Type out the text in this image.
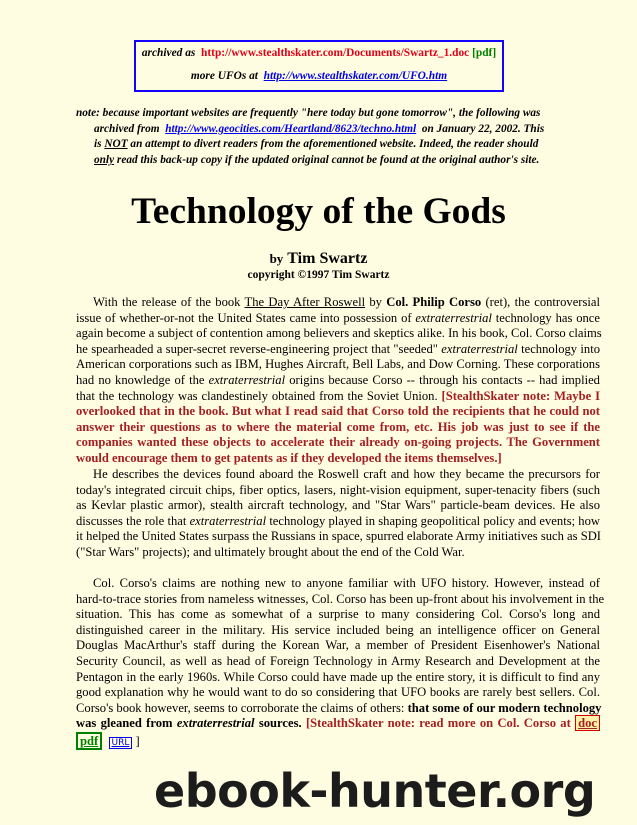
archived as http://www.stealthskater.com/Documents/Swartz_1.doc [pdf]
more UFOs at http://www.stealthskater.com/UFO.htm
note: because important websites are frequently "here today but gone tomorrow", the following was
archived from http://www.geocities.com/Heartland/8623/techno.html on January 22, 2002. This
is NOT an attempt to divert readers from the aforementioned website. Indeed, the reader should
only read this back-up copy if the updated original cannot be found at the original author's site.
Technology of the Gods
by Tim Swartz
copyright ©1997 Tim Swartz
With the release of the book The Day After Roswell by Col. Philip Corso (ret), the controversial
issue of whether-or-not the United States came into possession of extraterrestrial technology has once
again become a subject of contention among believers and skeptics alike. In his book, Col. Corso claims
he spearheaded a super-secret reverse-engineering project that "seeded" extraterrestrial technology into
American corporations such as IBM, Hughes Aircraft, Bell Labs, and Dow Corning. These corporations
had no knowledge of the extraterrestrial origins because Corso -- through his contacts -- had implied
that the technology was clandestinely obtained from the Soviet Union. [StealthSkater note: Maybe I
overlooked that in the book. But what I read said that Corso told the recipients that he could not
answer their questions as to where the material come from, etc. His job was just to see if the
companies wanted these objects to accelerate their already on-going projects. The Government
would encourage them to get patents as if they developed the items themselves.]
He describes the devices found aboard the Roswell craft and how they became the precursors for
today's integrated circuit chips, fiber optics, lasers, night-vision equipment, super-tenacity fibers (such
as Kevlar plastic armor), stealth aircraft technology, and "Star Wars" particle-beam devices. He also
discusses the role that extraterrestrial technology played in shaping geopolitical policy and events; how
it helped the United States surpass the Russians in space, spurred elaborate Army initiatives such as SDI
("Star Wars" projects); and ultimately brought about the end of the Cold War.
Col. Corso's claims are nothing new to anyone familiar with UFO history. However, instead of
hard-to-trace stories from nameless witnesses, Col. Corso has been up-front about his involvement in the
situation. This has come as somewhat of a surprise to many considering Col. Corso's long and
distinguished career in the military. His service included being an intelligence officer on General
Douglas MacArthur's staff during the Korean War, a member of President Eisenhower's National
Security Council, as well as head of Foreign Technology in Army Research and Development at the
Pentagon in the early 1960s. While Corso could have made up the entire story, it is difficult to find any
good explanation why he would want to do so considering that UFO books are rarely best sellers. Col.
Corso's book however, seems to corroborate the claims of others: that some of our modern technology
was gleaned from extraterrestrial sources. [StealthSkater note: read more on Col. Corso at doc
pdf URL ]
ebook-hunter.org
